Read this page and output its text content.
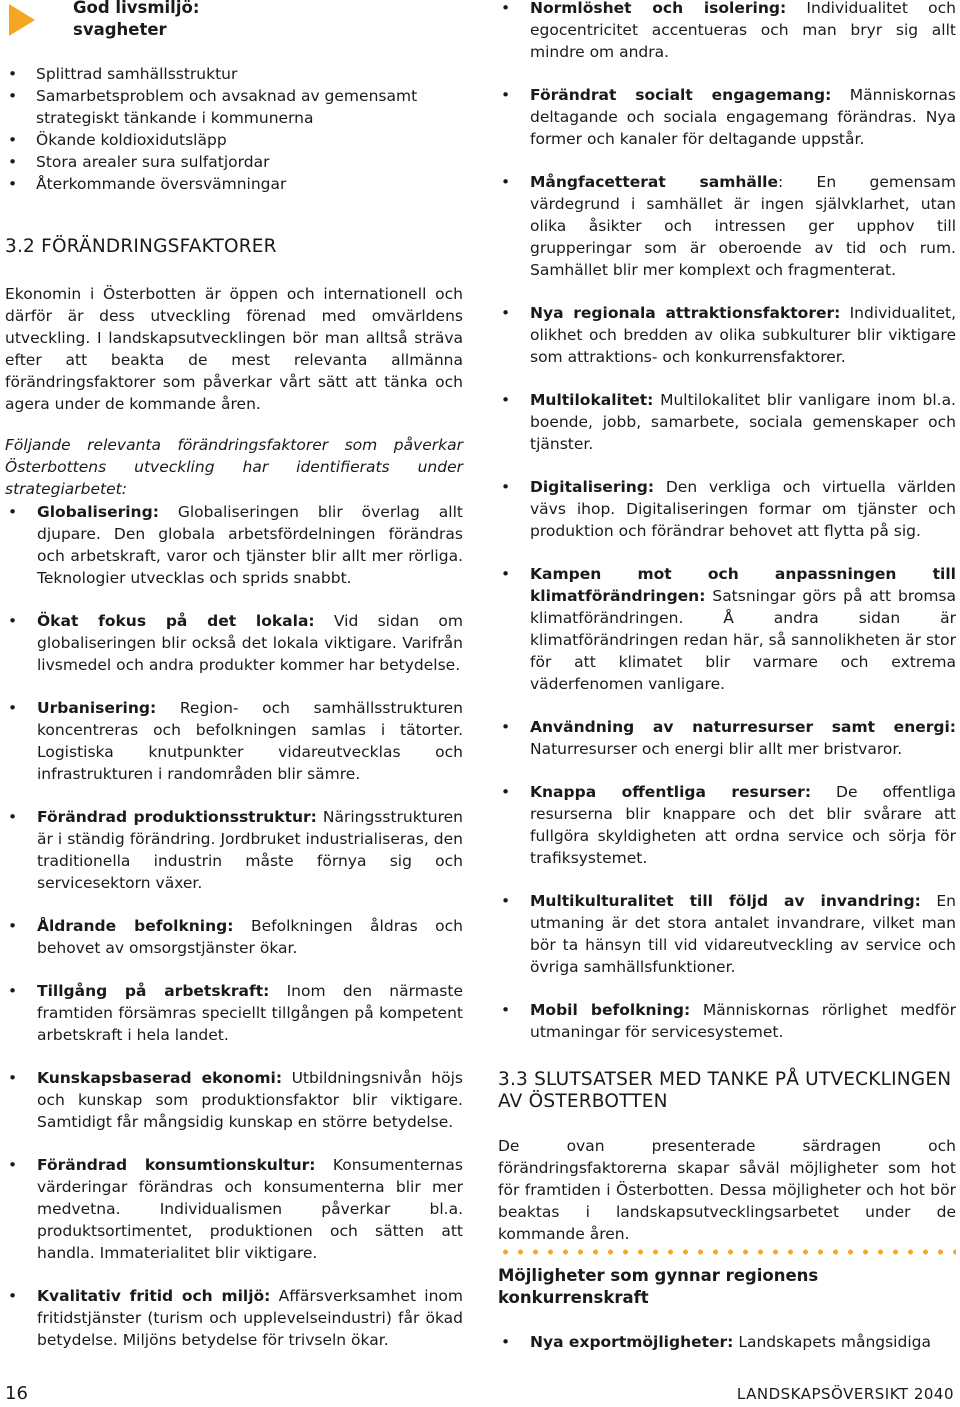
God livsmiljö: svagheter
• Splittrad samhällsstruktur
• Samarbetsproblem och avsaknad av gemensamt strategiskt tänkande i kommunerna
• Ökande koldioxidutsläpp
• Stora arealer sura sulfatjordar
• Återkommande översvämningar
3.2 FÖRÄNDRINGSFAKTORER

Ekonomin i Österbotten är öppen och internationell och därför är dess utveckling förenad med omvärldens utveckling. I landskapsutvecklingen bör man alltså sträva efter att beakta de mest relevanta allmänna förändringsfaktorer som påverkar vårt sätt att tänka och agera under de kommande åren.

Följande relevanta förändringsfaktorer som påverkar Österbottens utveckling har identifierats under strategiarbetet:

• Globalisering: Globaliseringen blir överlag allt djupare. Den globala arbetsfördelningen förändras och arbetskraft, varor och tjänster blir allt mer rörliga. Teknologier utvecklas och sprids snabbt.
• Ökat fokus på det lokala: Vid sidan om globaliseringen blir också det lokala viktigare. Varifrån livsmedel och andra produkter kommer har betydelse.
• Urbanisering: Region- och samhällsstrukturen koncentreras och befolkningen samlas i tätorter. Logistiska knutpunkter vidareutvecklas och infrastrukturen i randområden blir sämre.
• Förändrad produktionsstruktur: Näringsstrukturen är i ständig förändring. Jordbruket industrialiseras, den traditionella industrin måste förnya sig och servicesektorn växer.
• Åldrande befolkning: Befolkningen åldras och behovet av omsorgstjänster ökar.
• Tillgång på arbetskraft: Inom den närmaste framtiden försämras speciellt tillgången på kompetent arbetskraft i hela landet.
• Kunskapsbaserad ekonomi: Utbildningsnivån höjs och kunskap som produktionsfaktor blir viktigare. Samtidigt får mångsidig kunskap en större betydelse.
• Förändrad konsumtionskultur: Konsumenternas värderingar förändras och konsumenterna blir mer medvetna. Individualismen påverkar bl.a. produktsortimentet, produktionen och sätten att handla. Immaterialitet blir viktigare.
• Kvalitativ fritid och miljö: Affärsverksamhet inom fritidstjänster (turism och upplevelseindustri) får ökad betydelse. Miljöns betydelse för trivseln ökar.
• Normlöshet och isolering: Individualitet och egocentricitet accentueras och man bryr sig allt mindre om andra.
• Förändrat socialt engagemang: Människornas deltagande och sociala engagemang förändras. Nya former och kanaler för deltagande uppstår.
• Mångfacetterat samhälle: En gemensam värdegrund i samhället är ingen självklarhet, utan olika åsikter och intressen ger upphov till grupperingar som är oberoende av tid och rum. Samhället blir mer komplext och fragmenterat.
• Nya regionala attraktionsfaktorer: Individualitet, olikhet och bredden av olika subkulturer blir viktigare som attraktions- och konkurrensfaktorer.
• Multilokalitet: Multilokalitet blir vanligare inom bl.a. boende, jobb, samarbete, sociala gemenskaper och tjänster.
• Digitalisering: Den verkliga och virtuella världen vävs ihop. Digitaliseringen formar om tjänster och produktion och förändrar behovet att flytta på sig.
• Kampen mot och anpassningen till klimatförändringen: Satsningar görs på att bromsa klimatförändringen. Å andra sidan är klimatförändringen redan här, så sannolikheten är stor för att klimatet blir varmare och extrema väderfenomen vanligare.
• Användning av naturresurser samt energi: Naturresurser och energi blir allt mer bristvaror.
• Knappa offentliga resurser: De offentliga resurserna blir knappare och det blir svårare att fullgöra skyldigheten att ordna service och sörja för trafiksystemet.
• Multikulturalitet till följd av invandring: En utmaning är det stora antalet invandrare, vilket man bör ta hänsyn till vid vidareutveckling av service och övriga samhällsfunktioner.
• Mobil befolkning: Människornas rörlighet medför utmaningar för servicesystemet.
3.3 SLUTSATSER MED TANKE PÅ UTVECKLINGEN AV ÖSTERBOTTEN

De ovan presenterade särdragen och förändringsfaktorerna skapar såväl möjligheter som hot för framtiden i Österbotten. Dessa möjligheter och hot bör beaktas i landskapsutvecklingsarbetet under de kommande åren.

Möjligheter som gynnar regionens konkurrenskraft
• Nya exportmöjligheter: Landskapets mångsidiga
16	LANDSKAPSÖVERSIKT 2040
